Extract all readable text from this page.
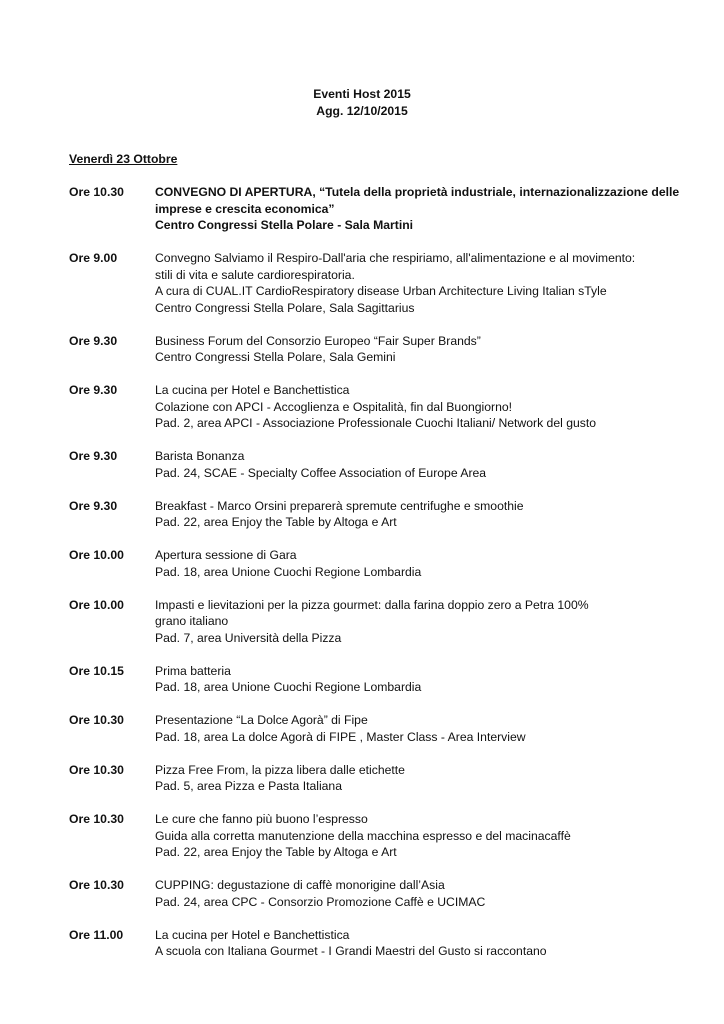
Eventi Host 2015
Agg. 12/10/2015
Venerdì 23 Ottobre
Ore 10.30	CONVEGNO DI APERTURA, “Tutela della proprietà industriale, internazionalizzazione delle
imprese e crescita economica”
Centro Congressi Stella Polare - Sala Martini
Ore 9.00	Convegno Salviamo il Respiro-Dall'aria che respiriamo, all'alimentazione e al movimento:
stili di vita e salute cardiorespiratoria.
A cura di CUAL.IT CardioRespiratory disease Urban Architecture Living Italian sTyle
Centro Congressi Stella Polare, Sala Sagittarius
Ore 9.30	Business Forum del Consorzio Europeo “Fair Super Brands”
Centro Congressi Stella Polare, Sala Gemini
Ore 9.30	La cucina per Hotel e Banchettistica
Colazione con APCI - Accoglienza e Ospitalità, fin dal Buongiorno!
Pad. 2, area APCI - Associazione Professionale Cuochi Italiani/ Network del gusto
Ore 9.30	Barista Bonanza
Pad. 24, SCAE - Specialty Coffee Association of Europe Area
Ore 9.30	Breakfast - Marco Orsini preparerà spremute centrifughe e smoothie
Pad. 22, area Enjoy the Table by Altoga e Art
Ore 10.00	Apertura sessione di Gara
Pad. 18, area Unione Cuochi Regione Lombardia
Ore 10.00	Impasti e lievitazioni per la pizza gourmet: dalla farina doppio zero a Petra 100%
grano italiano
Pad. 7, area Università della Pizza
Ore 10.15	Prima batteria
Pad. 18, area Unione Cuochi Regione Lombardia
Ore 10.30	Presentazione “La Dolce Agorà” di Fipe
Pad. 18, area La dolce Agorà di FIPE , Master Class - Area Interview
Ore 10.30	Pizza Free From, la pizza libera dalle etichette
Pad. 5, area Pizza e Pasta Italiana
Ore 10.30	Le cure che fanno più buono l’espresso
Guida alla corretta manutenzione della macchina espresso e del macinacaffè
Pad. 22, area Enjoy the Table by Altoga e Art
Ore 10.30	CUPPING: degustazione di caffè monorigine dall’Asia
Pad. 24, area CPC - Consorzio Promozione Caffè e UCIMAC
Ore 11.00	La cucina per Hotel e Banchettistica
A scuola con Italiana Gourmet - I Grandi Maestri del Gusto si raccontano
